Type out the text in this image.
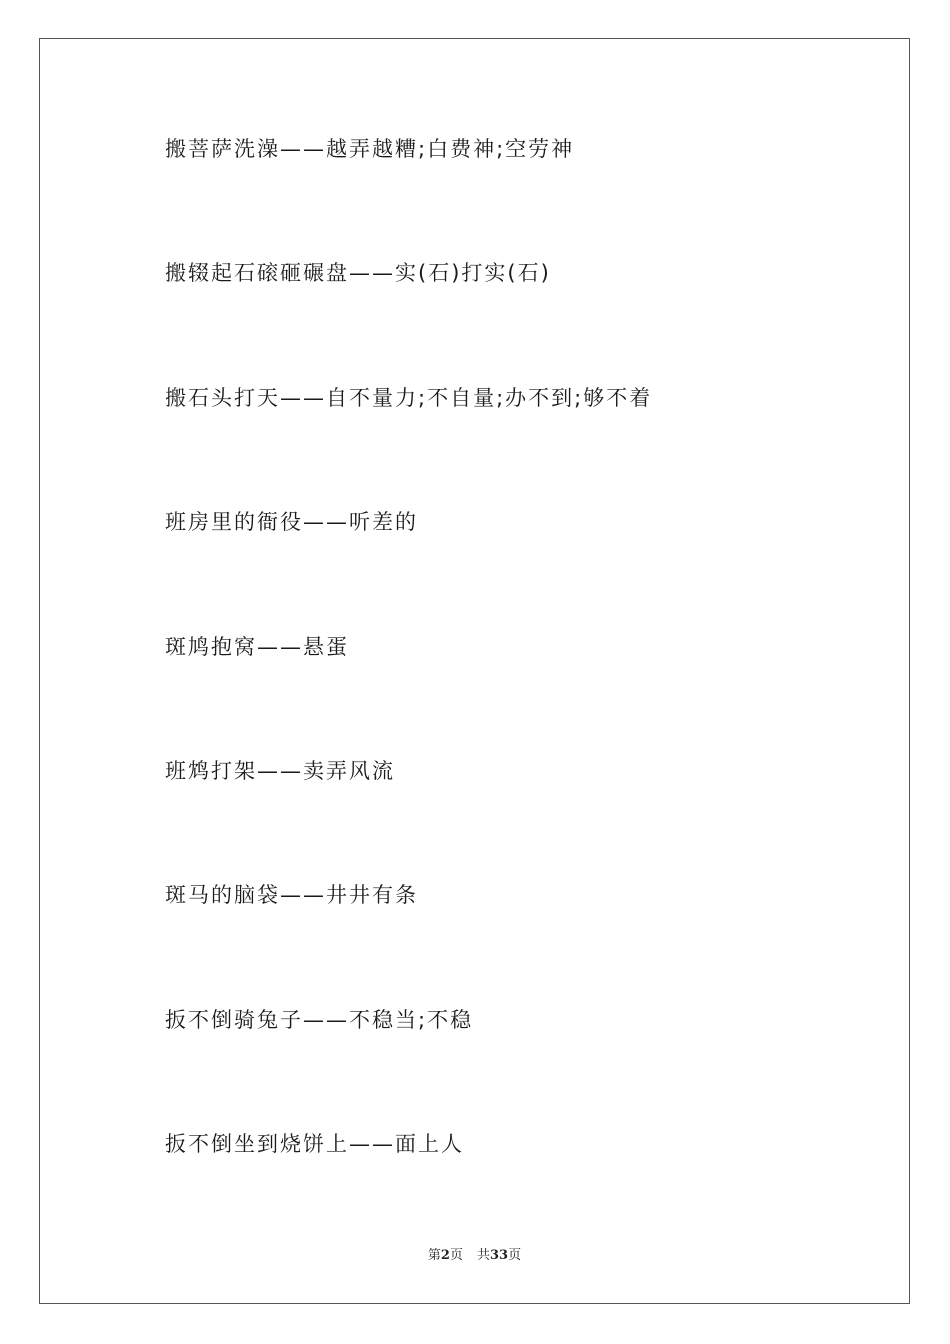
搬菩萨洗澡——越弄越糟;白费神;空劳神
搬辍起石磙砸碾盘——实(石)打实(石)
搬石头打天——自不量力;不自量;办不到;够不着
班房里的衙役——听差的
斑鸠抱窝——悬蛋
班鸩打架——卖弄风流
斑马的脑袋——井井有条
扳不倒骑兔子——不稳当;不稳
扳不倒坐到烧饼上——面上人
第2页 共33页
